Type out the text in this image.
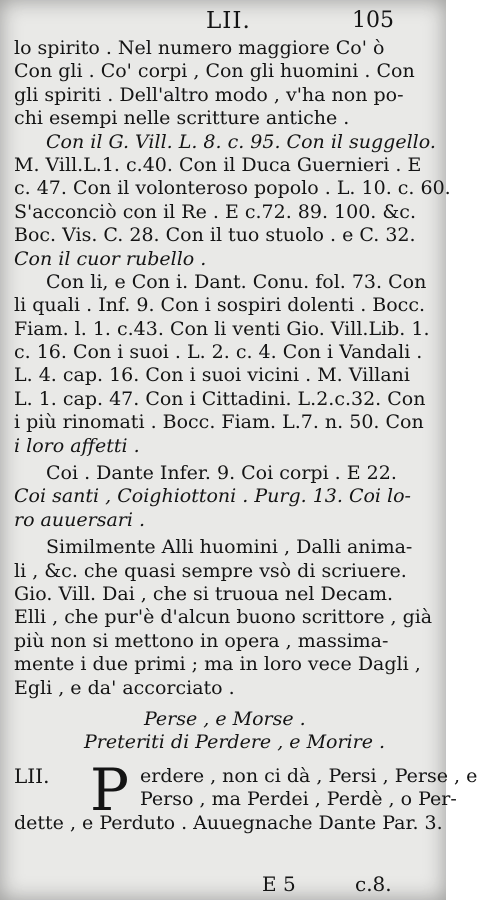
LII.	105
lo spirito . Nel numero maggiore Co' ò
Con gli . Co' corpi , Con gli huomini . Con
gli spiriti . Dell'altro modo , v'ha non po-
chi esempi nelle scritture antiche .
Con il G. Vill. L. 8. c. 95. Con il suggello.
M. Vill.L.1. c.40. Con il Duca Guernieri . E
c. 47. Con il volonteroso popolo . L. 10. c. 60.
S'acconciò con il Re . E c.72. 89. 100. &c.
Boc. Vis. C. 28. Con il tuo stuolo . e C. 32.
Con il cuor rubello .
Con li, e Con i. Dant. Conu. fol. 73. Con
li quali . Inf. 9. Con i sospiri dolenti . Bocc.
Fiam. l. 1. c.43. Con li venti Gio. Vill.Lib. 1.
c. 16. Con i suoi . L. 2. c. 4. Con i Vandali .
L. 4. cap. 16. Con i suoi vicini . M. Villani
L. 1. cap. 47. Con i Cittadini. L.2.c.32. Con
i più rinomati . Bocc. Fiam. L.7. n. 50. Con
i loro affetti .
Coi . Dante Infer. 9. Coi corpi . E 22.
Coi santi , Coighiottoni . Purg. 13. Coi lo-
ro auuersari .
Similmente Alli huomini , Dalli anima-
li , &c. che quasi sempre vsò di scriuere.
Gio. Vill. Dai , che si truoua nel Decam.
Elli , che pur'è d'alcun buono scrittore , già
più non si mettono in opera , massima-
mente i due primi ; ma in loro vece Dagli ,
Egli , e da' accorciato .
Perse , e Morse .
Preteriti di Perdere , e Morire .
LII. P erdere , non ci dà , Persi , Perse , e
Perso , ma Perdei , Perdè , o Per-
dette , e Perduto . Auuegnache Dante Par. 3.
E 5	c.8.
